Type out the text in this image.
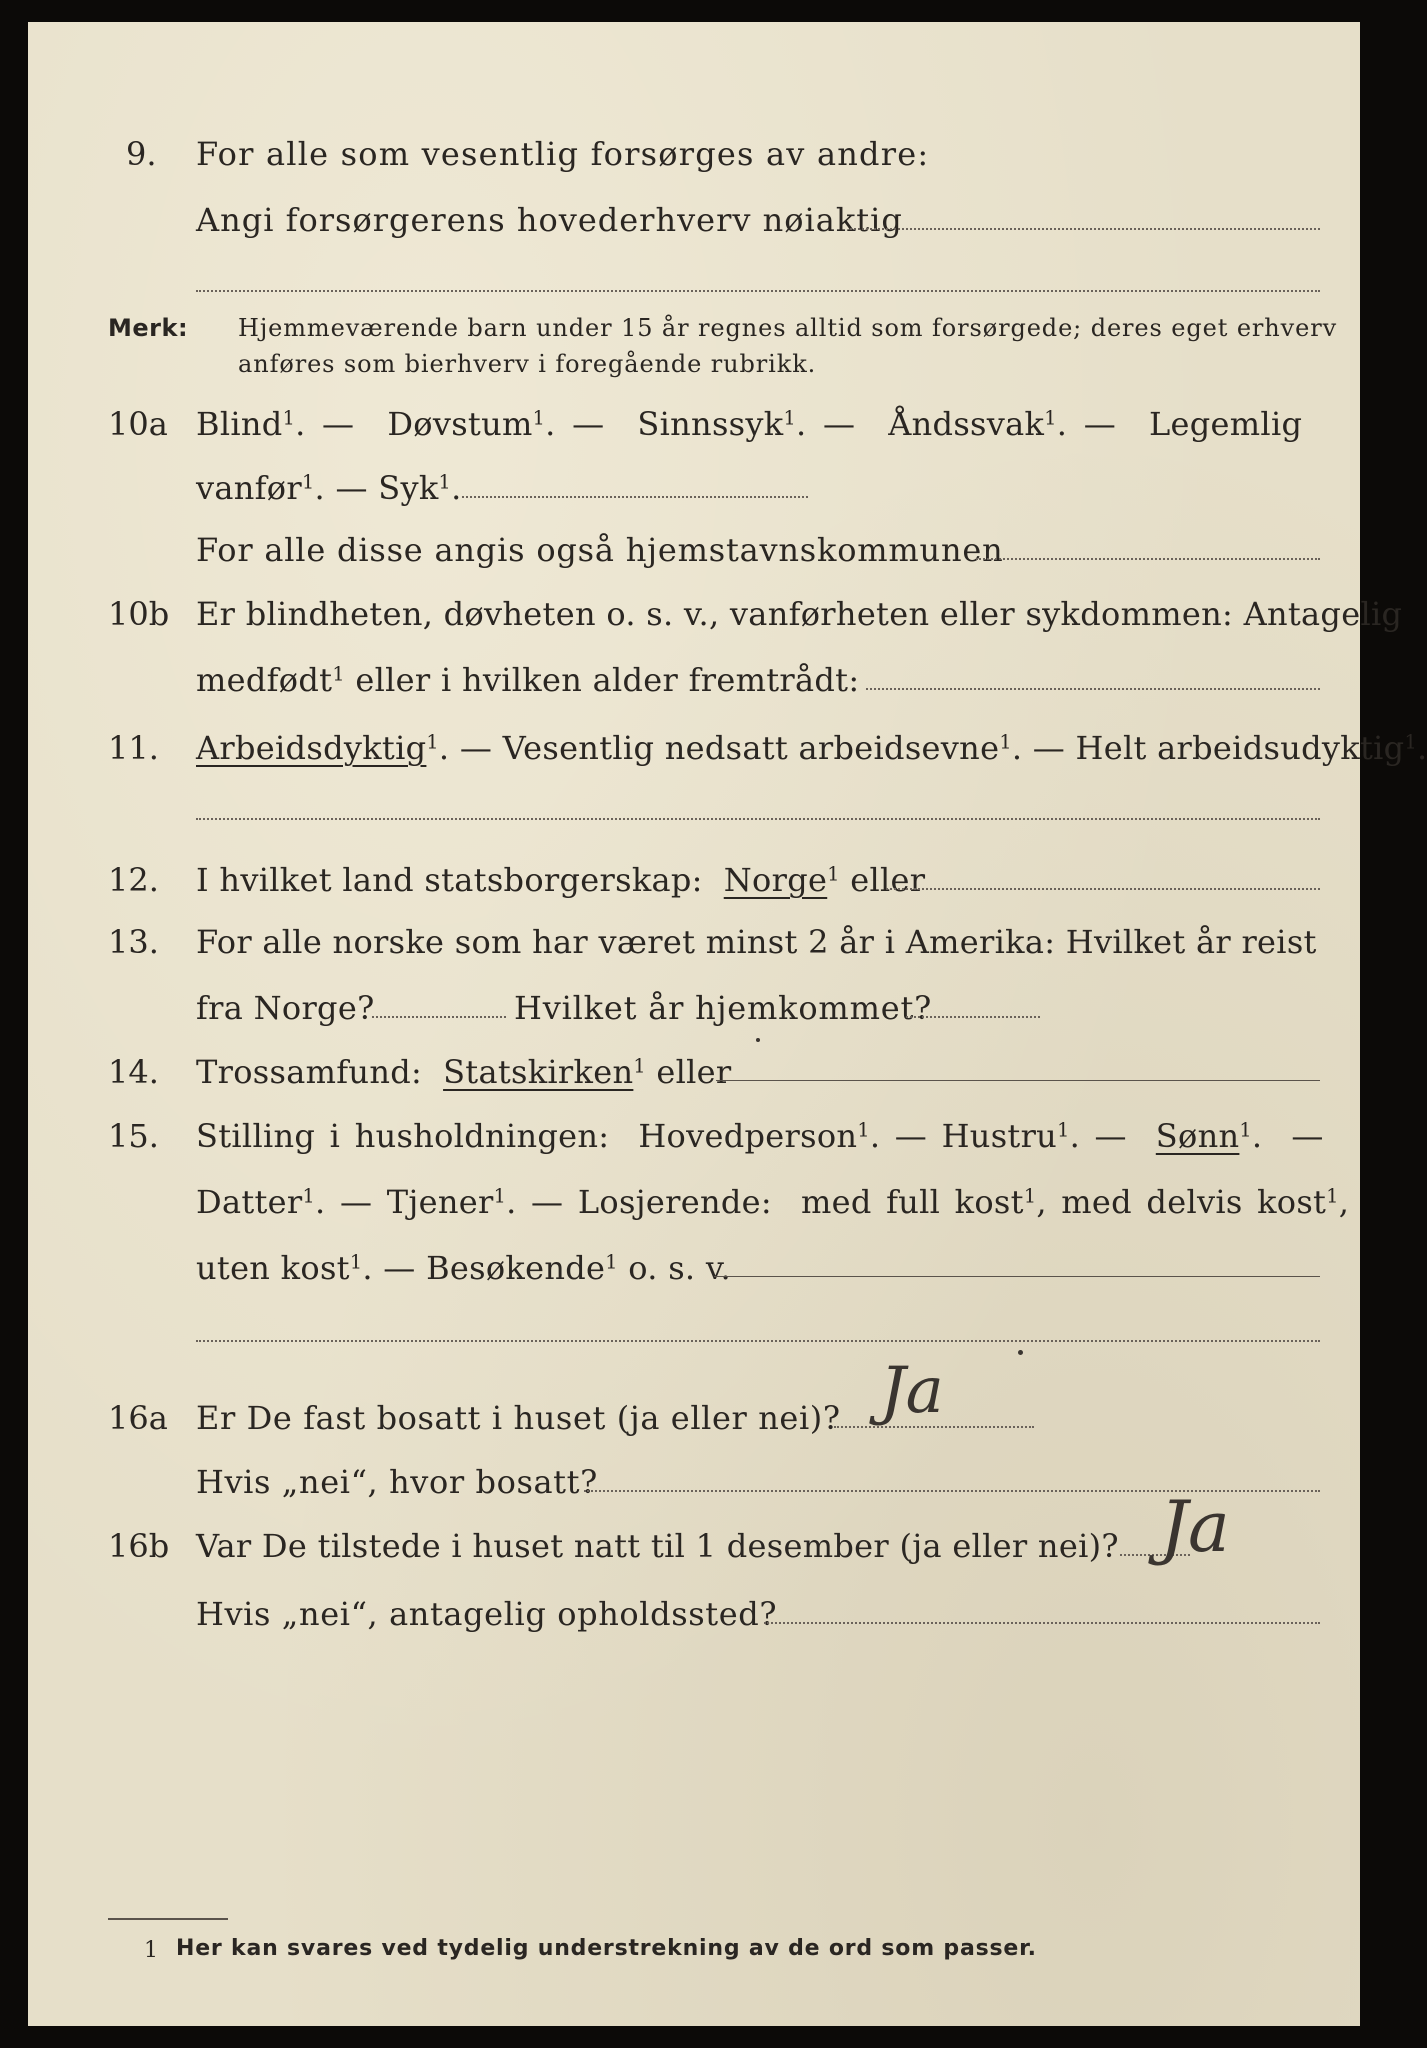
9. For alle som vesentlig forsørges av andre:
Angi forsørgerens hovederhverv nøiaktig
Merk: Hjemmeværende barn under 15 år regnes alltid som forsørgede; deres eget erhverv
anføres som bierhverv i foregående rubrikk.
10a Blind$^1$. — Døvstum$^1$. — Sinnssyk$^1$. — Åndssvak$^1$. — Legemlig
vanfør$^1$. — Syk$^1$.
For alle disse angis også hjemstavnskommunen
10b Er blindheten, døvheten o. s. v., vanførheten eller sykdommen: Antagelig
medfødt$^1$ eller i hvilken alder fremtrådt:
11. Arbeidsdyktig$^1$. — Vesentlig nedsatt arbeidsevne$^1$. — Helt arbeidsudyktig$^1$.
12. I hvilket land statsborgerskap: Norge$^1$ eller
13. For alle norske som har været minst 2 år i Amerika: Hvilket år reist
fra Norge?	Hvilket år hjemkommet?
14. Trossamfund: Statskirken$^1$ eller
15. Stilling i husholdningen: Hovedperson$^1$. — Hustru$^1$. —  Sønn$^1$.  —
Datter$^1$. — Tjener$^1$. — Losjerende: med full kost$^1$, med delvis kost$^1$,
uten kost$^1$. — Besøkende$^1$ o. s. v.
16a Er De fast bosatt i huset (ja eller nei)? Ja
Hvis „nei“, hvor bosatt?
16b Var De tilstede i huset natt til 1 desember (ja eller nei)? Ja
Hvis „nei“, antagelig opholdssted?
1 Her kan svares ved tydelig understrekning av de ord som passer.
